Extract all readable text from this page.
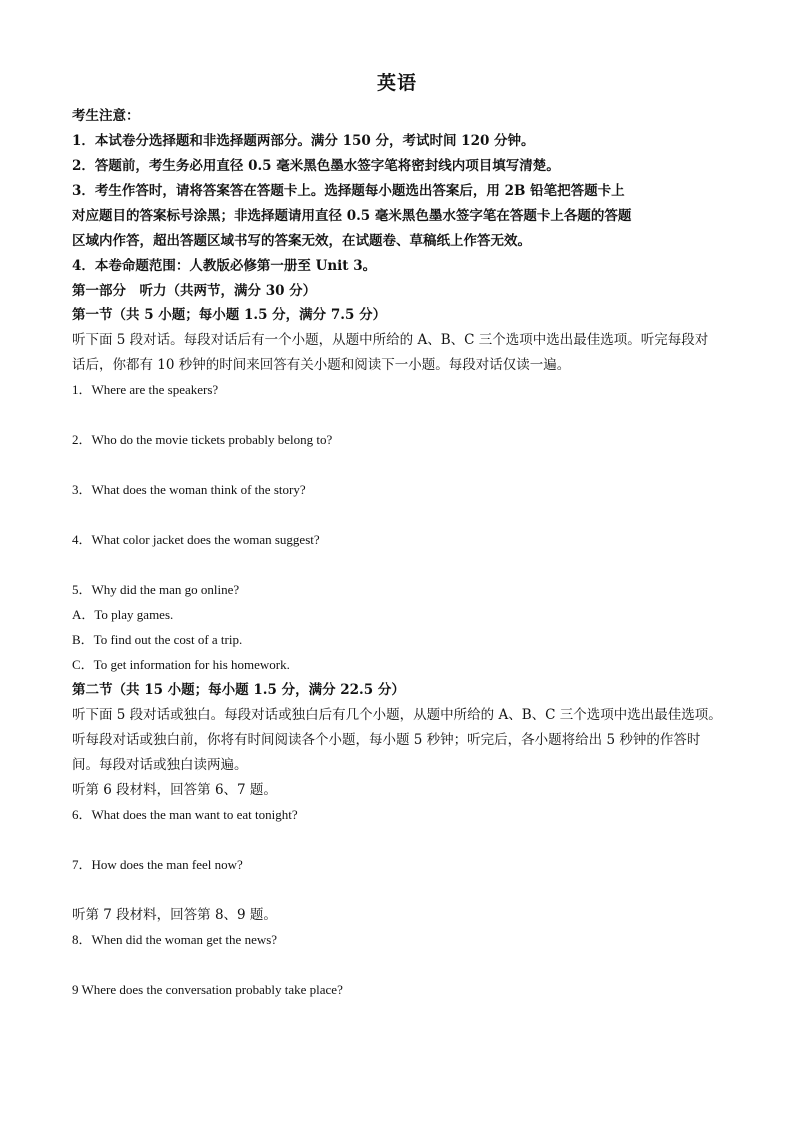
英语
考生注意：
1．本试卷分选择题和非选择题两部分。满分 150 分，考试时间 120 分钟。
2．答题前，考生务必用直径 0.5 毫米黑色墨水签字笔将密封线内项目填写清楚。
3．考生作答时，请将答案答在答题卡上。选择题每小题选出答案后，用 2B 铅笔把答题卡上
对应题目的答案标号涂黑；非选择题请用直径 0.5 毫米黑色墨水签字笔在答题卡上各题的答题
区域内作答，超出答题区域书写的答案无效，在试题卷、草稿纸上作答无效。
4．本卷命题范围：人教版必修第一册至 Unit 3。
第一部分　听力（共两节，满分 30 分）
第一节（共 5 小题；每小题 1.5 分，满分 7.5 分）
听下面 5 段对话。每段对话后有一个小题，从题中所给的 A、B、C 三个选项中选出最佳选项。听完每段对
话后，你都有 10 秒钟的时间来回答有关小题和阅读下一小题。每段对话仅读一遍。
1．Where are the speakers?
2．Who do the movie tickets probably belong to?
3．What does the woman think of the story?
4．What color jacket does the woman suggest?
5．Why did the man go online?
A．To play games.
B．To find out the cost of a trip.
C．To get information for his homework.
第二节（共 15 小题；每小题 1.5 分，满分 22.5 分）
听下面 5 段对话或独白。每段对话或独白后有几个小题，从题中所给的 A、B、C 三个选项中选出最佳选项。
听每段对话或独白前，你将有时间阅读各个小题，每小题 5 秒钟；听完后，各小题将给出 5 秒钟的作答时
间。每段对话或独白读两遍。
听第 6 段材料，回答第 6、7 题。
6．What does the man want to eat tonight?
7．How does the man feel now?
听第 7 段材料，回答第 8、9 题。
8．When did the woman get the news?
9 Where does the conversation probably take place?
